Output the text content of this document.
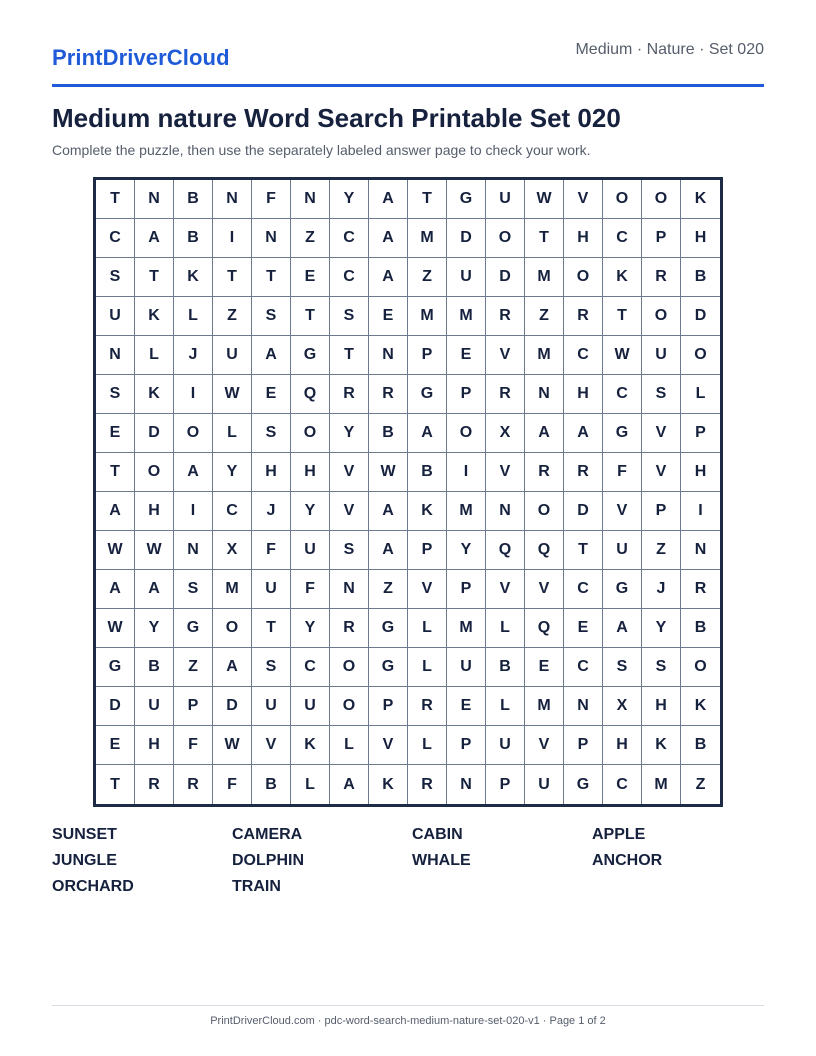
PrintDriverCloud	Medium · Nature · Set 020
Medium nature Word Search Printable Set 020
Complete the puzzle, then use the separately labeled answer page to check your work.
T	N	B	N	F	N	Y	A	T	G	U	W	V	O	O	K
C	A	B	I	N	Z	C	A	M	D	O	T	H	C	P	H
S	T	K	T	T	E	C	A	Z	U	D	M	O	K	R	B
U	K	L	Z	S	T	S	E	M	M	R	Z	R	T	O	D
N	L	J	U	A	G	T	N	P	E	V	M	C	W	U	O
S	K	I	W	E	Q	R	R	G	P	R	N	H	C	S	L
E	D	O	L	S	O	Y	B	A	O	X	A	A	G	V	P
T	O	A	Y	H	H	V	W	B	I	V	R	R	F	V	H
A	H	I	C	J	Y	V	A	K	M	N	O	D	V	P	I
W	W	N	X	F	U	S	A	P	Y	Q	Q	T	U	Z	N
A	A	S	M	U	F	N	Z	V	P	V	V	C	G	J	R
W	Y	G	O	T	Y	R	G	L	M	L	Q	E	A	Y	B
G	B	Z	A	S	C	O	G	L	U	B	E	C	S	S	O
D	U	P	D	U	U	O	P	R	E	L	M	N	X	H	K
E	H	F	W	V	K	L	V	L	P	U	V	P	H	K	B
T	R	R	F	B	L	A	K	R	N	P	U	G	C	M	Z
SUNSET	CAMERA	CABIN	APPLE
JUNGLE	DOLPHIN	WHALE	ANCHOR
ORCHARD	TRAIN
PrintDriverCloud.com · pdc-word-search-medium-nature-set-020-v1 · Page 1 of 2
